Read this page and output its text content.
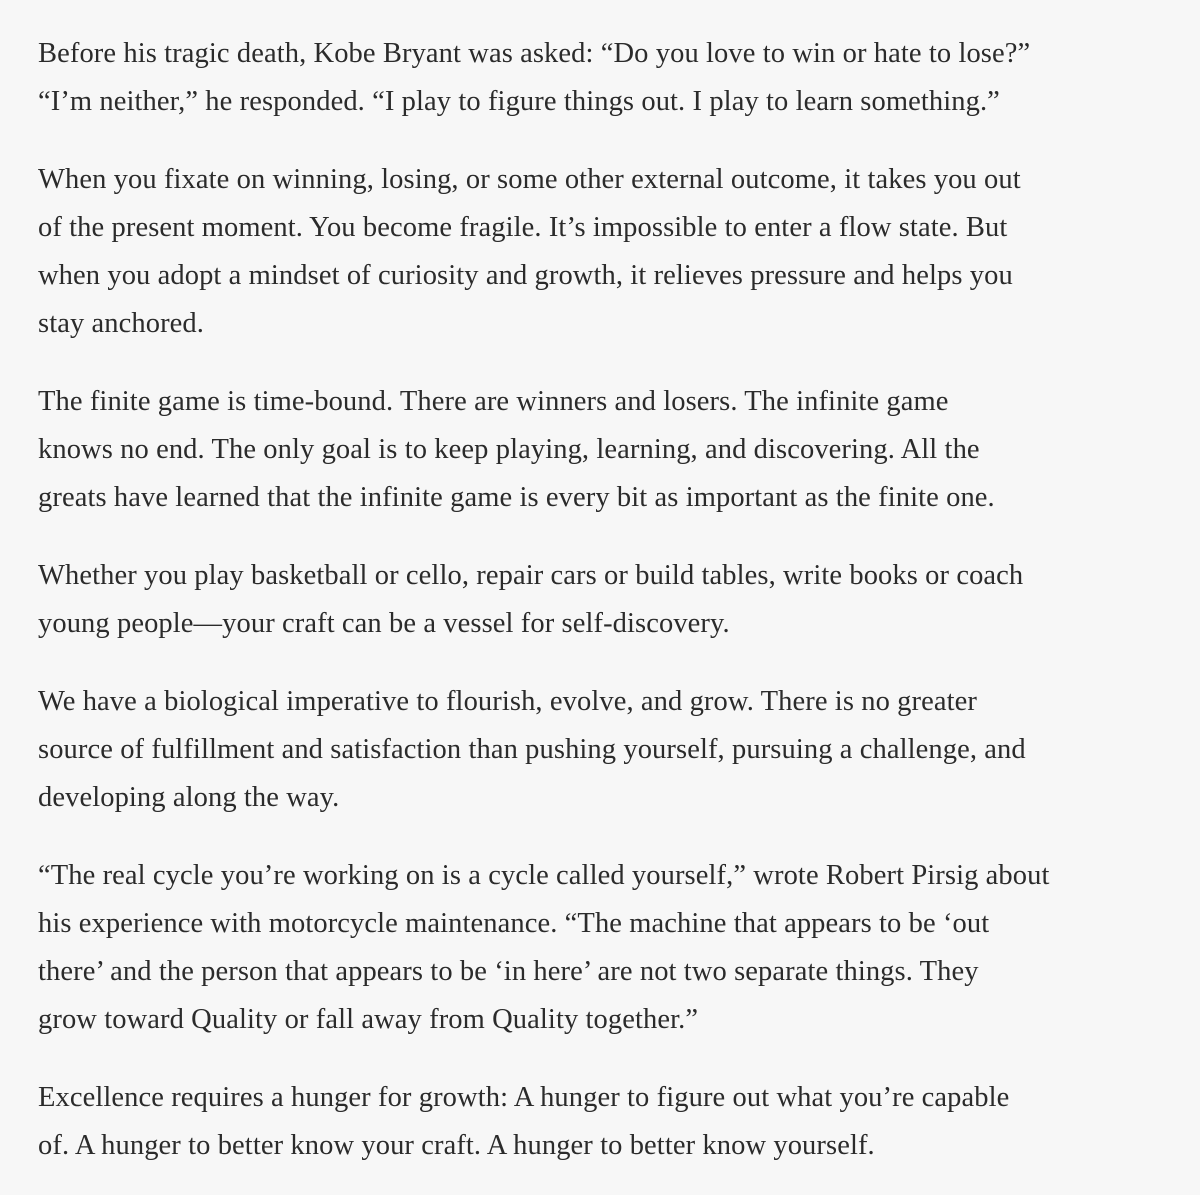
Before his tragic death, Kobe Bryant was asked: “Do you love to win or hate to lose?”
“I’m neither,” he responded. “I play to figure things out. I play to learn something.”

When you fixate on winning, losing, or some other external outcome, it takes you out
of the present moment. You become fragile. It’s impossible to enter a flow state. But
when you adopt a mindset of curiosity and growth, it relieves pressure and helps you
stay anchored.

The finite game is time-bound. There are winners and losers. The infinite game
knows no end. The only goal is to keep playing, learning, and discovering. All the
greats have learned that the infinite game is every bit as important as the finite one.

Whether you play basketball or cello, repair cars or build tables, write books or coach
young people—your craft can be a vessel for self-discovery.

We have a biological imperative to flourish, evolve, and grow. There is no greater
source of fulfillment and satisfaction than pushing yourself, pursuing a challenge, and
developing along the way.

“The real cycle you’re working on is a cycle called yourself,” wrote Robert Pirsig about
his experience with motorcycle maintenance. “The machine that appears to be ‘out
there’ and the person that appears to be ‘in here’ are not two separate things. They
grow toward Quality or fall away from Quality together.”

Excellence requires a hunger for growth: A hunger to figure out what you’re capable
of. A hunger to better know your craft. A hunger to better know yourself.
